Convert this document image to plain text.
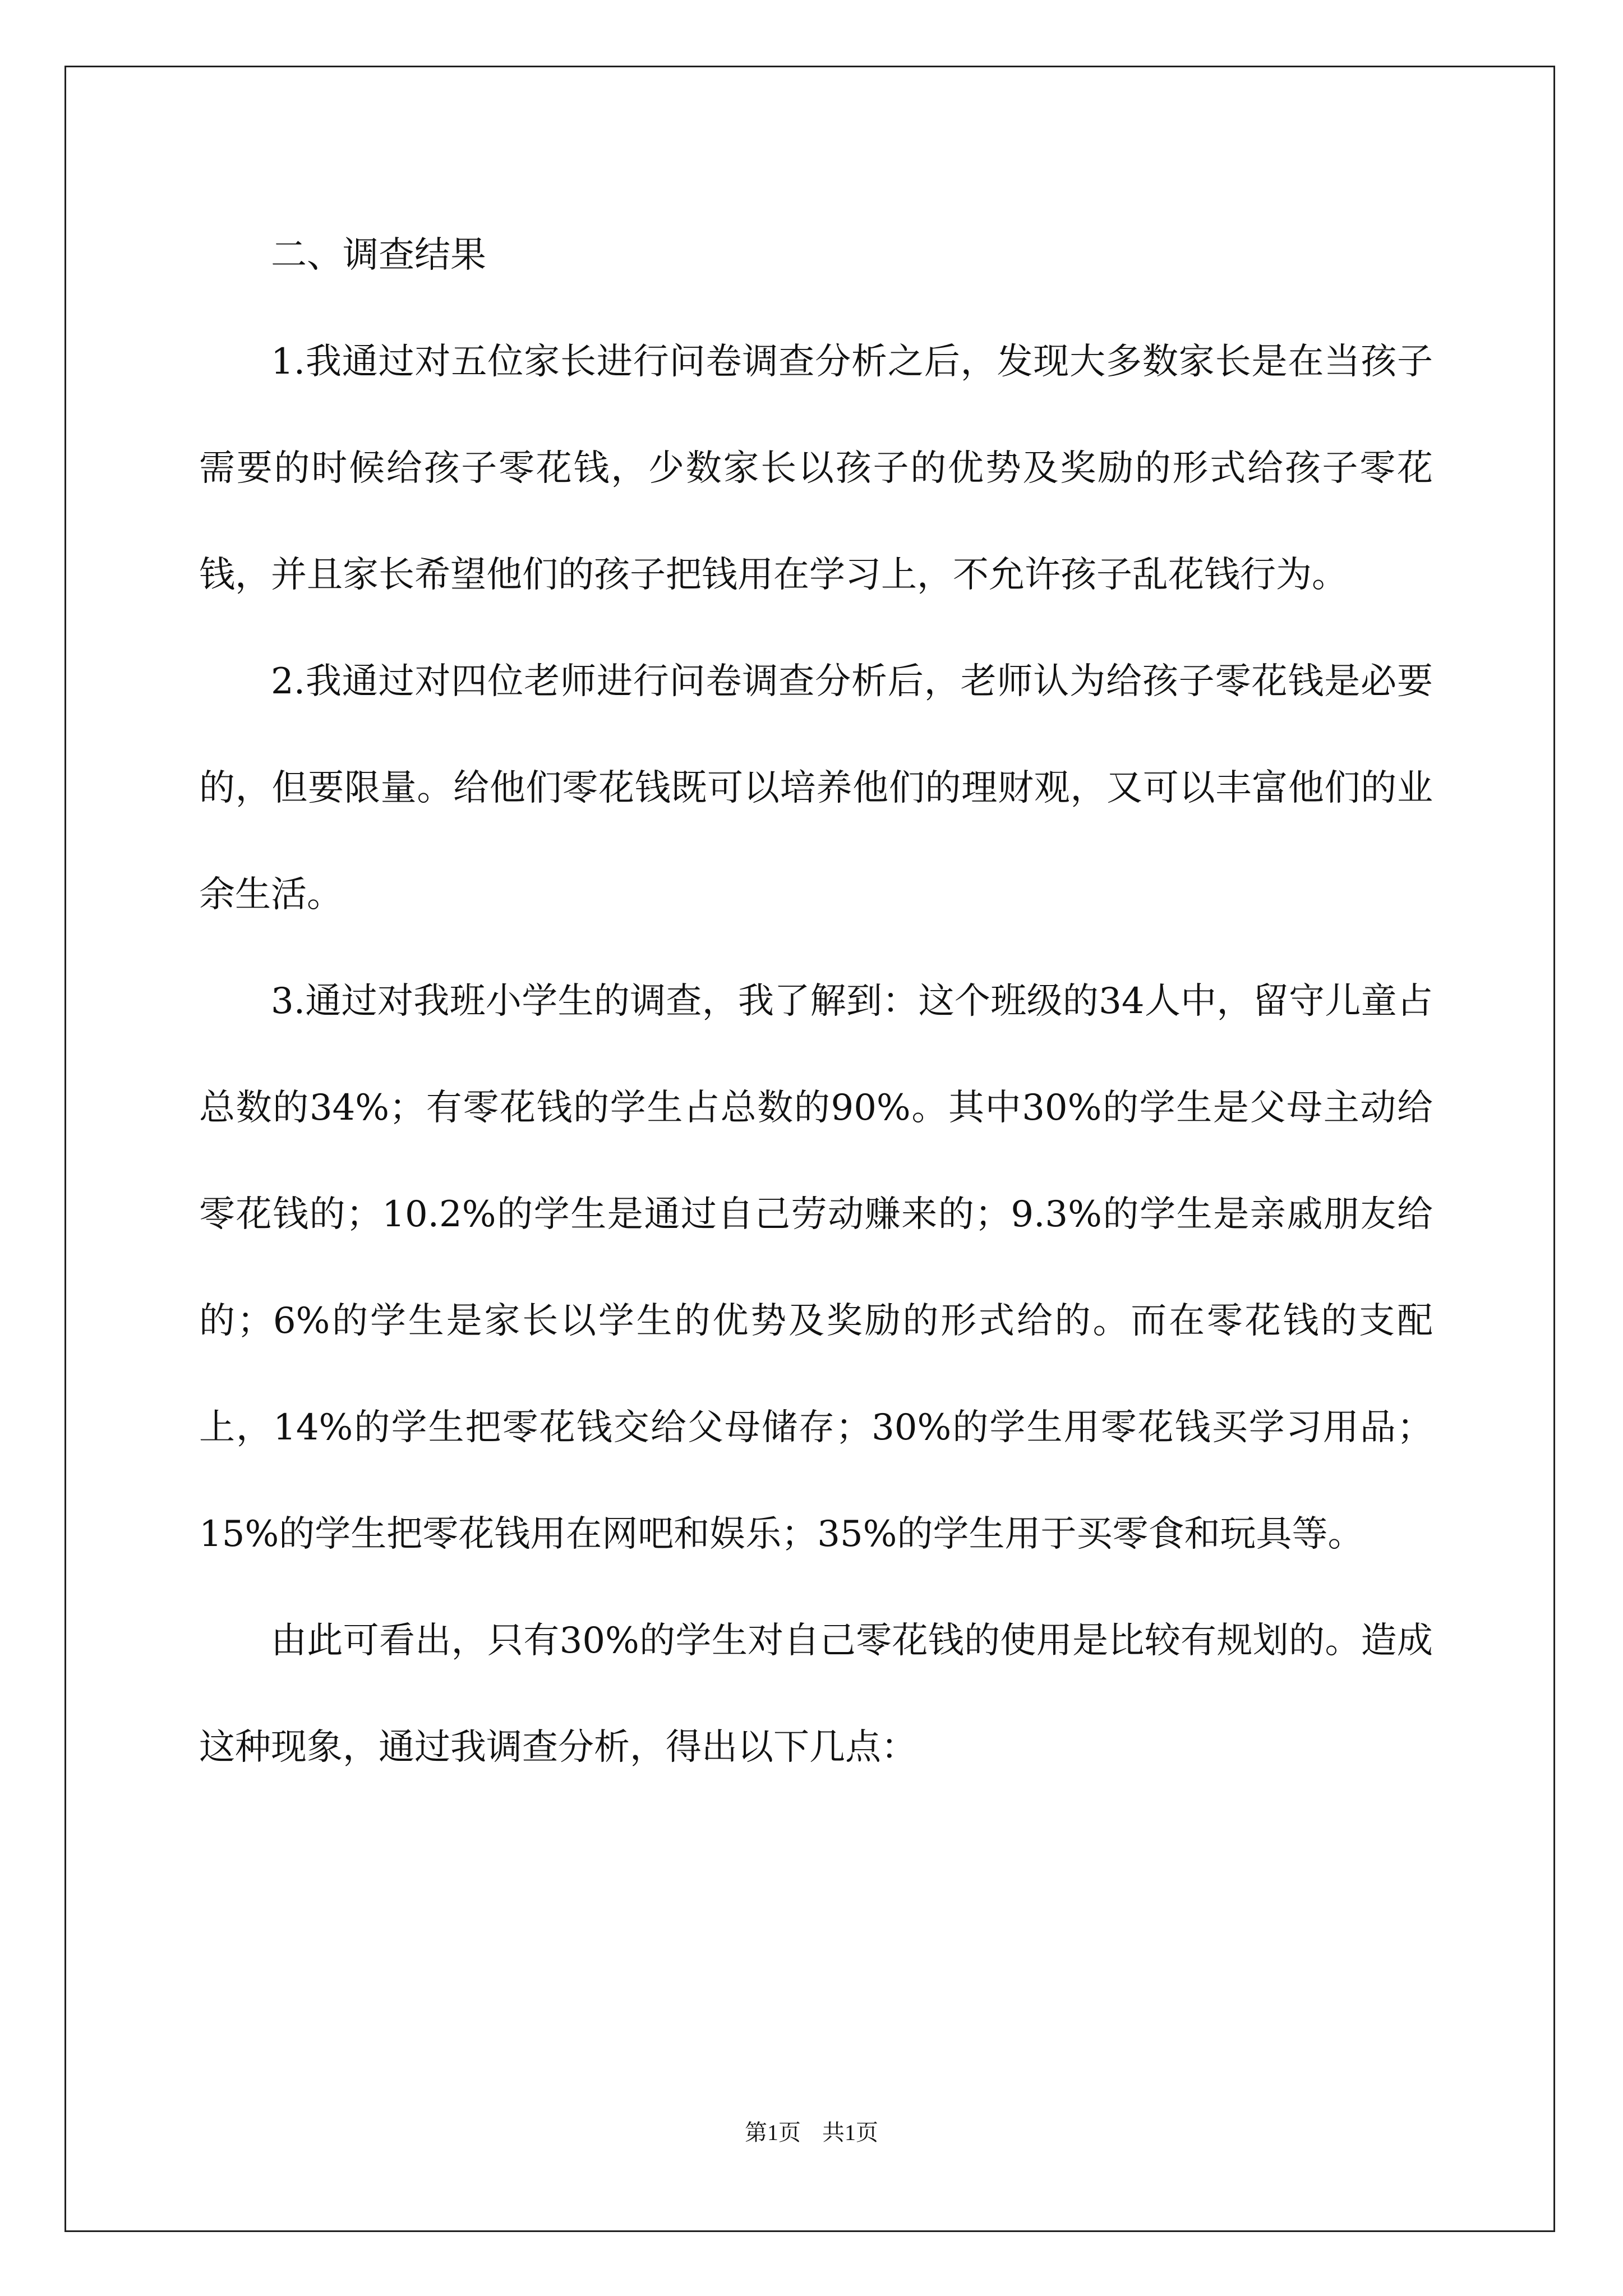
二、调查结果

1.我通过对五位家长进行问卷调查分析之后，发现大多数家长是在当孩子需要的时候给孩子零花钱，少数家长以孩子的优势及奖励的形式给孩子零花钱，并且家长希望他们的孩子把钱用在学习上，不允许孩子乱花钱行为。

2.我通过对四位老师进行问卷调查分析后，老师认为给孩子零花钱是必要的，但要限量。给他们零花钱既可以培养他们的理财观，又可以丰富他们的业余生活。

3.通过对我班小学生的调查，我了解到：这个班级的34人中，留守儿童占总数的34%；有零花钱的学生占总数的90%。其中30%的学生是父母主动给零花钱的；10.2%的学生是通过自己劳动赚来的；9.3%的学生是亲戚朋友给的；6%的学生是家长以学生的优势及奖励的形式给的。而在零花钱的支配上，14%的学生把零花钱交给父母储存；30%的学生用零花钱买学习用品；15%的学生把零花钱用在网吧和娱乐；35%的学生用于买零食和玩具等。

由此可看出，只有30%的学生对自己零花钱的使用是比较有规划的。造成这种现象，通过我调查分析，得出以下几点：

第1页 共1页
